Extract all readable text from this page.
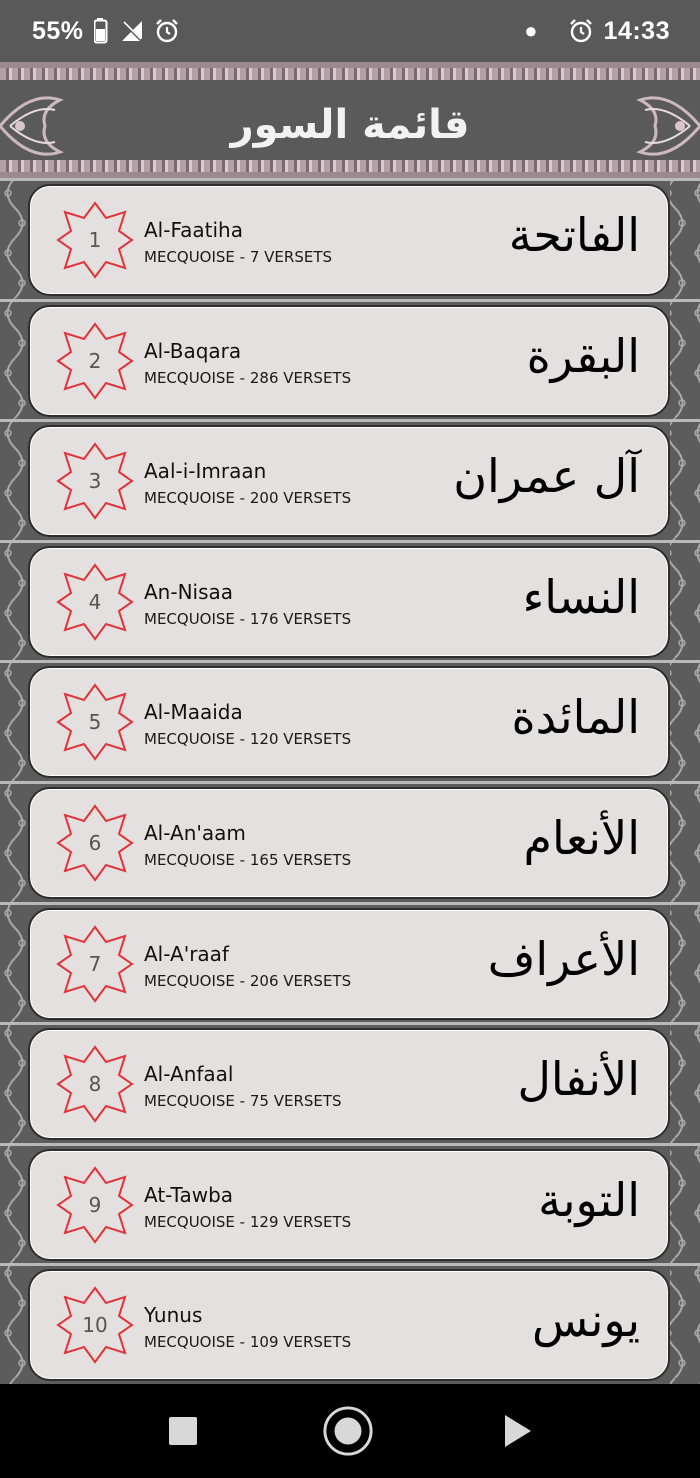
55%	●	14:33
قائمة السور
1	Al-Faatiha
MECQUOISE - 7 VERSETS	الفاتحة
2	Al-Baqara
MECQUOISE - 286 VERSETS	البقرة
3	Aal-i-Imraan
MECQUOISE - 200 VERSETS آل عمران
4	An-Nisaa
MECQUOISE - 176 VERSETS	النساء
5	Al-Maaida
MECQUOISE - 120 VERSETS	المائدة
6	Al-An'aam
MECQUOISE - 165 VERSETS	الأنعام
7	Al-A'raaf
MECQUOISE - 206 VERSETS	الأعراف
8	Al-Anfaal
MECQUOISE - 75 VERSETS	الأنفال
9	At-Tawba
MECQUOISE - 129 VERSETS	التوبة
10	Yunus
MECQUOISE - 109 VERSETS	يونس
